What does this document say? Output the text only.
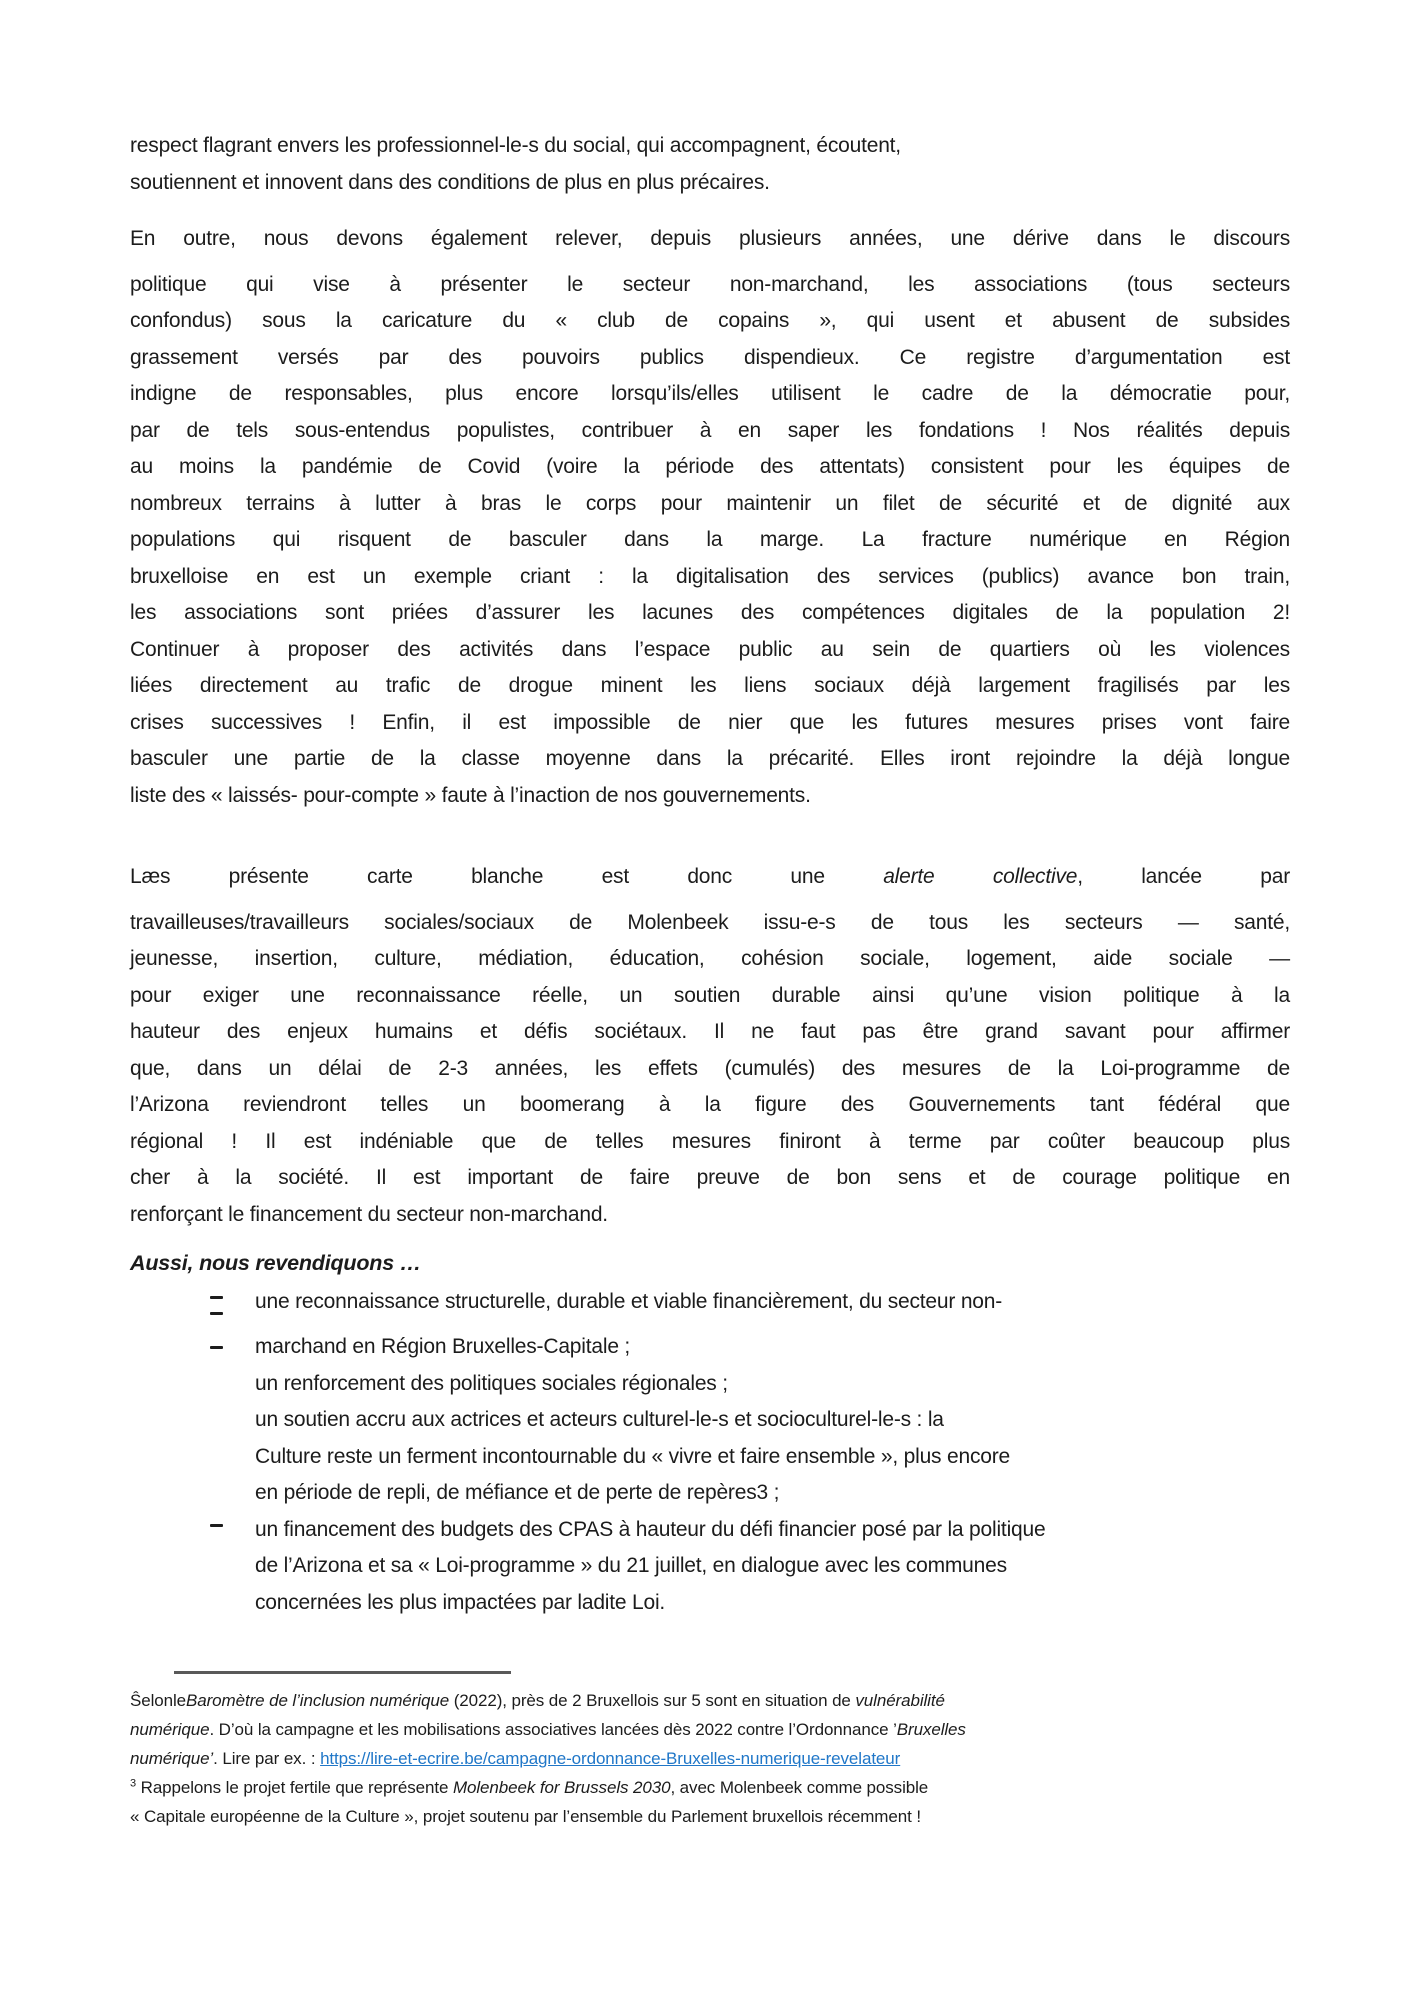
respect flagrant envers les professionnel-le-s du social, qui accompagnent, écoutent,
soutiennent et innovent dans des conditions de plus en plus précaires.
En outre, nous devons également relever, depuis plusieurs années, une dérive dans le discours
politique qui vise à présenter le secteur non-marchand, les associations (tous secteurs
confondus) sous la caricature du « club de copains », qui usent et abusent de subsides
grassement versés par des pouvoirs publics dispendieux. Ce registre d’argumentation est
indigne de responsables, plus encore lorsqu’ils/elles utilisent le cadre de la démocratie pour,
par de tels sous-entendus populistes, contribuer à en saper les fondations ! Nos réalités depuis
au moins la pandémie de Covid (voire la période des attentats) consistent pour les équipes de
nombreux terrains à lutter à bras le corps pour maintenir un filet de sécurité et de dignité aux
populations qui risquent de basculer dans la marge. La fracture numérique en Région
bruxelloise en est un exemple criant : la digitalisation des services (publics) avance bon train,
les associations sont priées d’assurer les lacunes des compétences digitales de la population 2!
Continuer à proposer des activités dans l’espace public au sein de quartiers où les violences
liées directement au trafic de drogue minent les liens sociaux déjà largement fragilisés par les
crises successives ! Enfin, il est impossible de nier que les futures mesures prises vont faire
basculer une partie de la classe moyenne dans la précarité. Elles iront rejoindre la déjà longue
liste des « laissés- pour-compte » faute à l’inaction de nos gouvernements.
Læs présente carte blanche est donc une alerte collective, lancée par
travailleuses/travailleurs sociales/sociaux de Molenbeek issu-e-s de tous les secteurs — santé,
jeunesse, insertion, culture, médiation, éducation, cohésion sociale, logement, aide sociale —
pour exiger une reconnaissance réelle, un soutien durable ainsi qu’une vision politique à la
hauteur des enjeux humains et défis sociétaux. Il ne faut pas être grand savant pour affirmer
que, dans un délai de 2-3 années, les effets (cumulés) des mesures de la Loi-programme de
l’Arizona reviendront telles un boomerang à la figure des Gouvernements tant fédéral que
régional ! Il est indéniable que de telles mesures finiront à terme par coûter beaucoup plus
cher à la société. Il est important de faire preuve de bon sens et de courage politique en
renforçant le financement du secteur non-marchand.
Aussi, nous revendiquons …
une reconnaissance structurelle, durable et viable financièrement, du secteur non-
marchand en Région Bruxelles-Capitale ;
un renforcement des politiques sociales régionales ;
un soutien accru aux actrices et acteurs culturel-le-s et socioculturel-le-s : la
Culture reste un ferment incontournable du « vivre et faire ensemble », plus encore
en période de repli, de méfiance et de perte de repères3 ;
un financement des budgets des CPAS à hauteur du défi financier posé par la politique
de l’Arizona et sa « Loi-programme » du 21 juillet, en dialogue avec les communes
concernées les plus impactées par ladite Loi.
ŜelonleBaromètre de l’inclusion numérique (2022), près de 2 Bruxellois sur 5 sont en situation de vulnérabilité
numérique. D’où la campagne et les mobilisations associatives lancées dès 2022 contre l’Ordonnance ’Bruxelles
numérique’. Lire par ex. : https://lire-et-ecrire.be/campagne-ordonnance-Bruxelles-numerique-revelateur
$^3$ Rappelons le projet fertile que représente Molenbeek for Brussels 2030, avec Molenbeek comme possible
« Capitale européenne de la Culture », projet soutenu par l’ensemble du Parlement bruxellois récemment !
